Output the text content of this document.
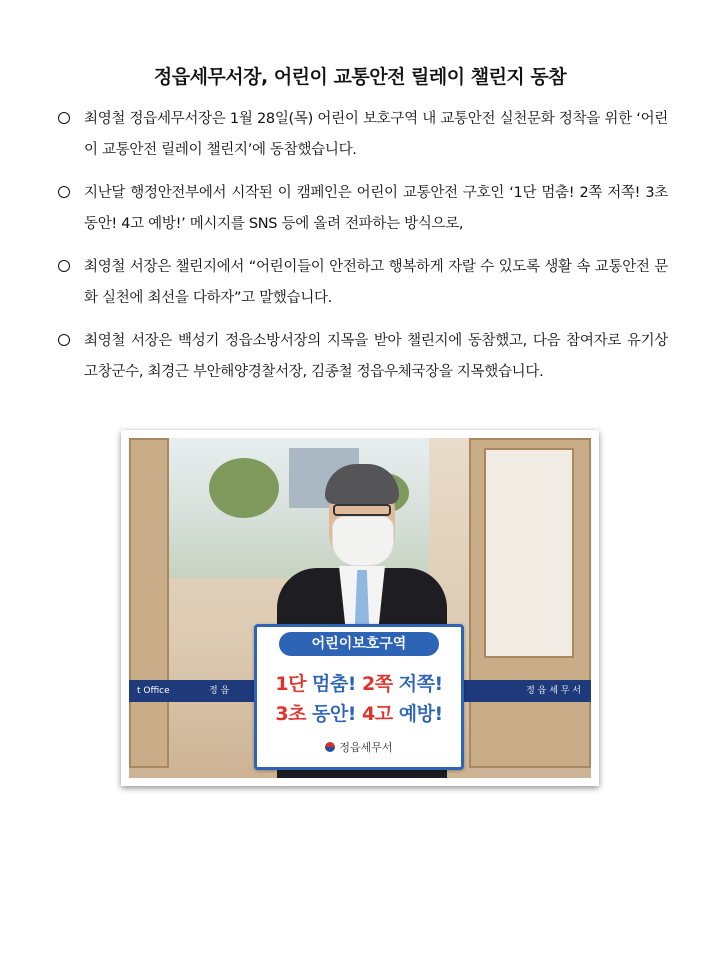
정읍세무서장, 어린이 교통안전 릴레이 챌린지 동참
최영철 정읍세무서장은 1월 28일(목) 어린이 보호구역 내 교통안전 실천문화 정착을 위한 ‘어린이 교통안전 릴레이 챌린지’에 동참했습니다.
지난달 행정안전부에서 시작된 이 캠페인은 어린이 교통안전 구호인 ‘1단 멈춤! 2쪽 저쪽! 3초 동안! 4고 예방!’ 메시지를 SNS 등에 올려 전파하는 방식으로,
최영철 서장은 챌린지에서 “어린이들이 안전하고 행복하게 자랄 수 있도록 생활 속 교통안전 문화 실천에 최선을 다하자”고 말했습니다.
최영철 서장은 백성기 정읍소방서장의 지목을 받아 챌린지에 동참했고, 다음 참여자로 유기상 고창군수, 최경근 부안해양경찰서장, 김종철 정읍우체국장을 지목했습니다.
t Office	정 읍	정 읍 세 무 서
어린이보호구역
1단 멈춤! 2쪽 저쪽!
3초 동안! 4고 예방!
정읍세무서
